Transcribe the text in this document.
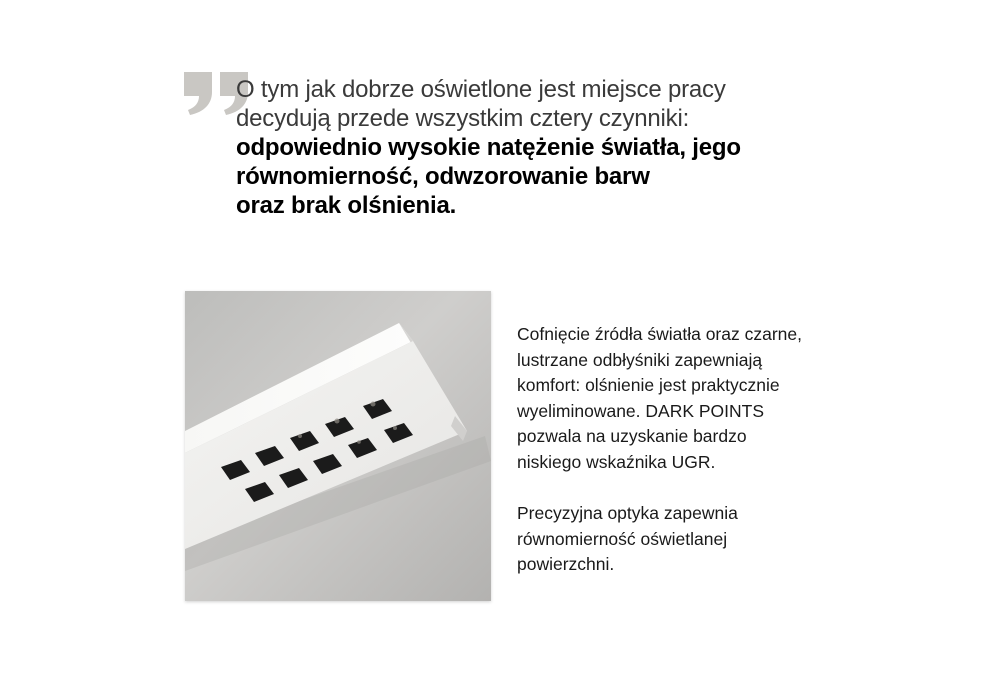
O tym jak dobrze oświetlone jest miejsce pracy
decydują przede wszystkim cztery czynniki:
odpowiednio wysokie natężenie światła, jego
równomierność, odwzorowanie barw
oraz brak olśnienia.

Cofnięcie źródła światła oraz czarne,
lustrzane odbłyśniki zapewniają
komfort: olśnienie jest praktycznie
wyeliminowane. DARK POINTS
pozwala na uzyskanie bardzo
niskiego wskaźnika UGR.

Precyzyjna optyka zapewnia
równomierność oświetlanej
powierzchni.
